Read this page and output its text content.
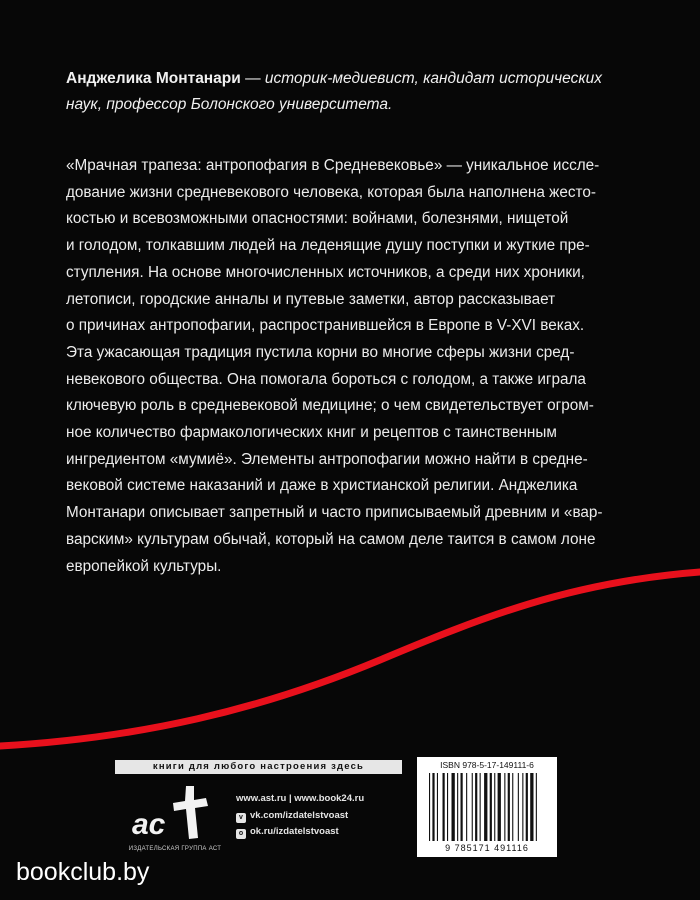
Анджелика Монтанари — историк-медиевист, кандидат исторических
наук, профессор Болонского университета.
«Мрачная трапеза: антропофагия в Средневековье» — уникальное иссле-
дование жизни средневекового человека, которая была наполнена жесто-
костью и всевозможными опасностями: войнами, болезнями, нищетой
и голодом, толкавшим людей на леденящие душу поступки и жуткие пре-
ступления. На основе многочисленных источников, а среди них хроники,
летописи, городские анналы и путевые заметки, автор рассказывает
о причинах антропофагии, распространившейся в Европе в V-XVI веках.
Эта ужасающая традиция пустила корни во многие сферы жизни сред-
невекового общества. Она помогала бороться с голодом, а также играла
ключевую роль в средневековой медицине; о чем свидетельствует огром-
ное количество фармакологических книг и рецептов с таинственным
ингредиентом «мумиё». Элементы антропофагии можно найти в средне-
вековой системе наказаний и даже в христианской религии. Анджелика
Монтанари описывает запретный и часто приписываемый древним и «вар-
варским» культурам обычай, который на самом деле таится в самом лоне
европейкой культуры.
книги для любого настроения здесь
ac
ИЗДАТЕЛЬСКАЯ ГРУППА АСТ
www.ast.ru | www.book24.ru
v vk.com/izdatelstvoast
o ok.ru/izdatelstvoast
ISBN 978-5-17-149111-6
9 785171 491116
bookclub.by
